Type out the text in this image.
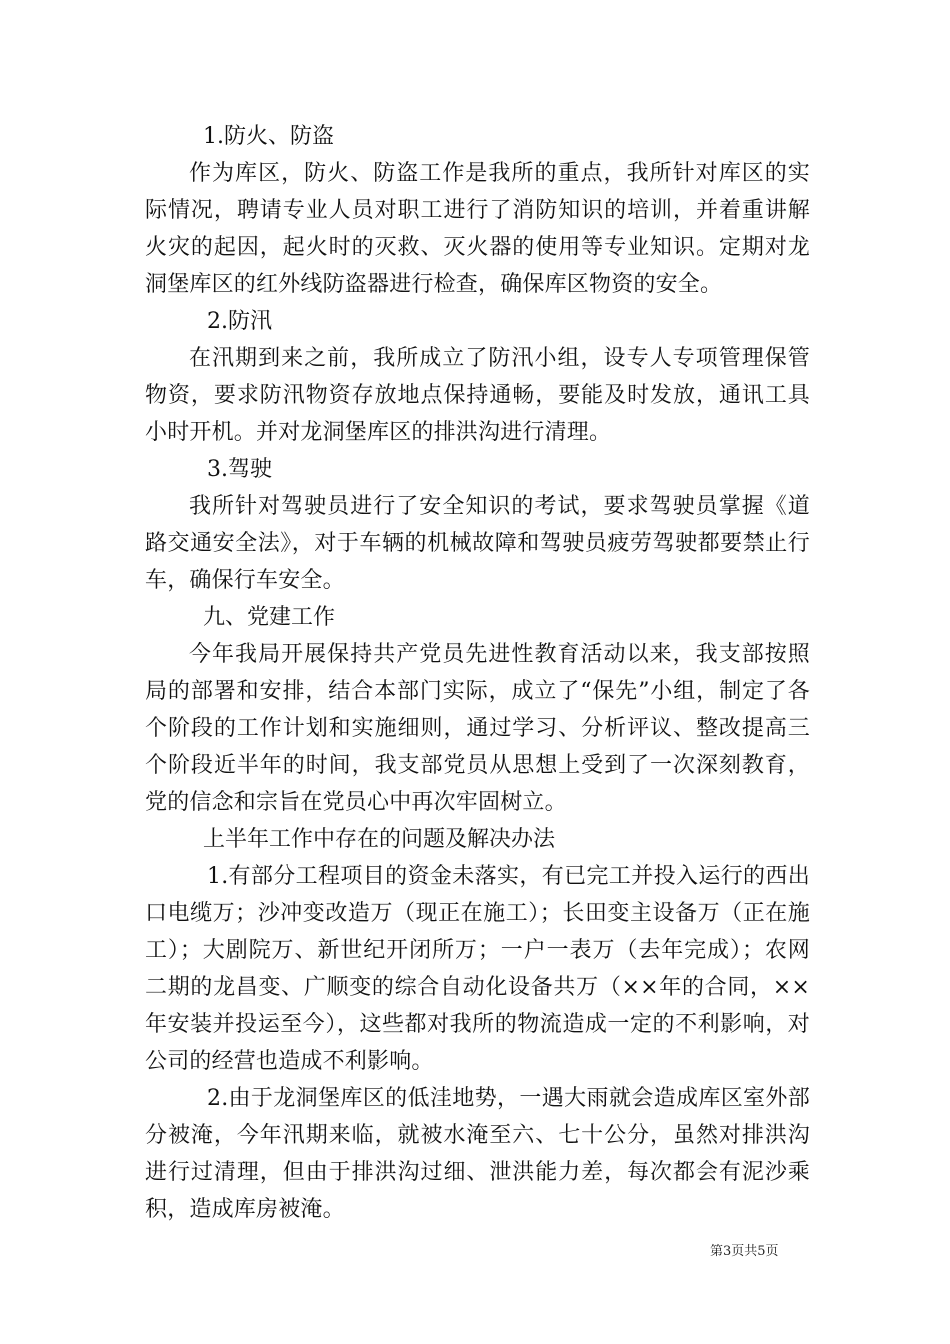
1.防火、防盗

作为库区，防火、防盗工作是我所的重点，我所针对库区的实际情况，聘请专业人员对职工进行了消防知识的培训，并着重讲解火灾的起因，起火时的灭救、灭火器的使用等专业知识。定期对龙洞堡库区的红外线防盗器进行检查，确保库区物资的安全。

2.防汛

在汛期到来之前，我所成立了防汛小组，设专人专项管理保管物资，要求防汛物资存放地点保持通畅，要能及时发放，通讯工具小时开机。并对龙洞堡库区的排洪沟进行清理。

3.驾驶

我所针对驾驶员进行了安全知识的考试，要求驾驶员掌握《道路交通安全法》，对于车辆的机械故障和驾驶员疲劳驾驶都要禁止行车，确保行车安全。

九、党建工作

今年我局开展保持共产党员先进性教育活动以来，我支部按照局的部署和安排，结合本部门实际，成立了“保先”小组，制定了各个阶段的工作计划和实施细则，通过学习、分析评议、整改提高三个阶段近半年的时间，我支部党员从思想上受到了一次深刻教育，党的信念和宗旨在党员心中再次牢固树立。

上半年工作中存在的问题及解决办法

1.有部分工程项目的资金未落实，有已完工并投入运行的西出口电缆万；沙冲变改造万（现正在施工）；长田变主设备万（正在施工）；大剧院万、新世纪开闭所万；一户一表万（去年完成）；农网二期的龙昌变、广顺变的综合自动化设备共万（××年的合同，××年安装并投运至今），这些都对我所的物流造成一定的不利影响，对公司的经营也造成不利影响。

2.由于龙洞堡库区的低洼地势，一遇大雨就会造成库区室外部分被淹，今年汛期来临，就被水淹至六、七十公分，虽然对排洪沟进行过清理，但由于排洪沟过细、泄洪能力差，每次都会有泥沙乘积，造成库房被淹。

第3页共5页
